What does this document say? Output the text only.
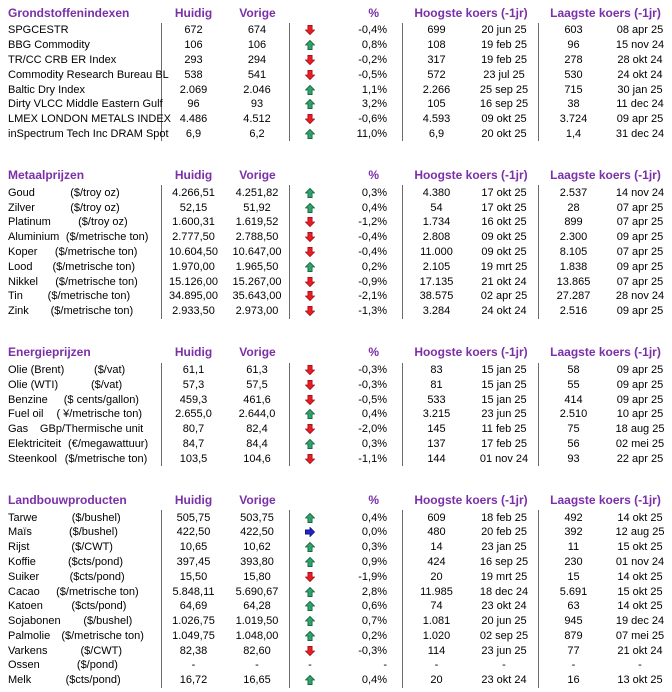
Grondstoffenindexen	Huidig	Vorige	%	Hoogste koers (-1jr)	Laagste koers (-1jr)
SPGCESTR	672	674	-0,4%	699	20 jun 25	603	08 apr 25
BBG Commodity	106	106	0,8%	108	19 feb 25	96	15 nov 24
TR/CC CRB ER Index	293	294	-0,2%	317	19 feb 25	278	28 okt 24
Commodity Research Bureau BL	538	541	-0,5%	572	23 jul 25	530	24 okt 24
Baltic Dry Index	2.069	2.046	1,1%	2.266	25 sep 25	715	30 jan 25
Dirty VLCC Middle Eastern Gulf	96	93	3,2%	105	16 sep 25	38	11 dec 24
LMEX LONDON METALS INDEX 4.486	4.512	-0,6%	4.593	09 okt 25	3.724	09 apr 25
inSpectrum Tech Inc DRAM Spot	6,9	6,2	11,0%	6,9	20 okt 25	1,4	31 dec 24
Metaalprijzen	Huidig	Vorige	%	Hoogste koers (-1jr)	Laagste koers (-1jr)
Goud	($/troy oz)	4.266,51	4.251,82	0,3%	4.380	17 okt 25	2.537	14 nov 24
Zilver	($/troy oz)	52,15	51,92	0,4%	54	17 okt 25	28	07 apr 25
Platinum	($/troy oz)	1.600,31	1.619,52	-1,2%	1.734	16 okt 25	899	07 apr 25
Aluminium ($/metrische ton)	2.777,50	2.788,50	-0,4%	2.808	09 okt 25	2.300	09 apr 25
Koper	($/metrische ton)	10.604,50	10.647,00	-0,4%	11.000	09 okt 25	8.105	07 apr 25
Lood	($/metrische ton)	1.970,00	1.965,50	0,2%	2.105	19 mrt 25	1.838	09 apr 25
Nikkel	($/metrische ton)	15.126,00	15.267,00	-0,9%	17.135	21 okt 24	13.865	07 apr 25
Tin	($/metrische ton)	34.895,00	35.643,00	-2,1%	38.575	02 apr 25	27.287	28 nov 24
Zink	($/metrische ton)	2.933,50	2.973,00	-1,3%	3.284	24 okt 24	2.516	09 apr 25
Energieprijzen	Huidig	Vorige	%	Hoogste koers (-1jr)	Laagste koers (-1jr)
Olie (Brent)	($/vat)	61,1	61,3	-0,3%	83	15 jan 25	58	09 apr 25
Olie (WTI)	($/vat)	57,3	57,5	-0,3%	81	15 jan 25	55	09 apr 25
Benzine	($ cents/gallon)	459,3	461,6	-0,5%	533	15 jan 25	414	09 apr 25
Fuel oil	( ¥/metrische ton)	2.655,0	2.644,0	0,4%	3.215	23 jun 25	2.510	10 apr 25
Gas	GBp/Thermische unit	80,7	82,4	-2,0%	145	11 feb 25	75	18 aug 25
Elektriciteit (€/megawattuur)	84,7	84,4	0,3%	137	17 feb 25	56	02 mei 25
Steenkool ($/metrische ton)	103,5	104,6	-1,1%	144	01 nov 24	93	22 apr 25
Landbouwproducten	Huidig	Vorige	%	Hoogste koers (-1jr)	Laagste koers (-1jr)
Tarwe	($/bushel)	505,75	503,75	0,4%	609	18 feb 25	492	14 okt 25
Maïs	($/bushel)	422,50	422,50	0,0%	480	20 feb 25	392	12 aug 25
Rijst	($/CWT)	10,65	10,62	0,3%	14	23 jan 25	11	15 okt 25
Koffie	($cts/pond)	397,45	393,80	0,9%	424	16 sep 25	230	01 nov 24
Suiker	($cts/pond)	15,50	15,80	-1,9%	20	19 mrt 25	15	14 okt 25
Cacao	($/metrische ton)	5.848,11	5.690,67	2,8%	11.985	18 dec 24	5.691	15 okt 25
Katoen	($cts/pond)	64,69	64,28	0,6%	74	23 okt 24	63	14 okt 25
Sojabonen	($/bushel)	1.026,75	1.019,50	0,7%	1.081	20 jun 25	945	19 dec 24
Palmolie	($/metrische ton)	1.049,75	1.048,00	0,2%	1.020	02 sep 25	879	07 mei 25
Varkens	($/CWT)	82,38	82,60	-0,3%	114	23 jun 25	77	21 okt 24
Ossen	($/pond)	-	-	-	-	-	-	-	-
Melk	($cts/pond)	16,72	16,65	0,4%	20	23 okt 24	16	13 okt 25
